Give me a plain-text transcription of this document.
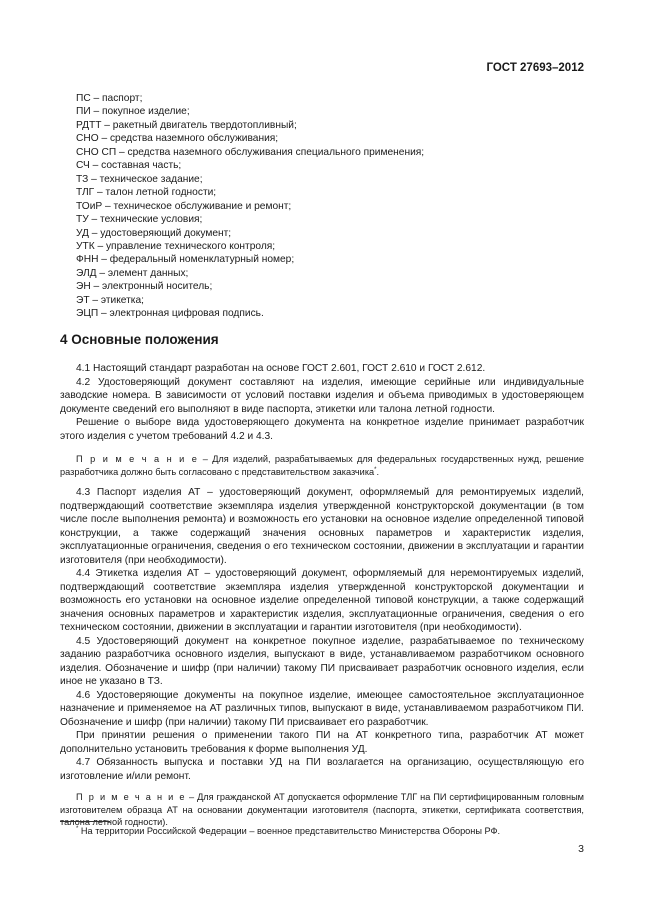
ГОСТ 27693–2012
ПС – паспорт;
ПИ – покупное изделие;
РДТТ – ракетный двигатель твердотопливный;
СНО – средства наземного обслуживания;
СНО СП – средства наземного обслуживания специального применения;
СЧ – составная часть;
ТЗ – техническое задание;
ТЛГ – талон летной годности;
ТОиР – техническое обслуживание и ремонт;
ТУ – технические условия;
УД – удостоверяющий документ;
УТК – управление технического контроля;
ФНН – федеральный номенклатурный номер;
ЭЛД – элемент данных;
ЭН – электронный носитель;
ЭТ – этикетка;
ЭЦП – электронная цифровая подпись.
4 Основные положения

4.1 Настоящий стандарт разработан на основе ГОСТ 2.601, ГОСТ 2.610 и ГОСТ 2.612.

4.2 Удостоверяющий документ составляют на изделия, имеющие серийные или индивидуальные заводские номера. В зависимости от условий поставки изделия и объема приводимых в удостоверяющем документе сведений его выполняют в виде паспорта, этикетки или талона летной годности.

Решение о выборе вида удостоверяющего документа на конкретное изделие принимает разработчик этого изделия с учетом требований 4.2 и 4.3.

П р и м е ч а н и е – Для изделий, разрабатываемых для федеральных государственных нужд, решение разработчика должно быть согласовано с представительством заказчика*.

4.3 Паспорт изделия АТ – удостоверяющий документ, оформляемый для ремонтируемых изделий, подтверждающий соответствие экземпляра изделия утвержденной конструкторской документации (в том числе после выполнения ремонта) и возможность его установки на основное изделие определенной типовой конструкции, а также содержащий значения основных параметров и характеристик изделия, эксплуатационные ограничения, сведения о его техническом состоянии, движении в эксплуатации и гарантии изготовителя (при необходимости).

4.4 Этикетка изделия АТ – удостоверяющий документ, оформляемый для неремонтируемых изделий, подтверждающий соответствие экземпляра изделия утвержденной конструкторской документации и возможность его установки на основное изделие определенной типовой конструкции, а также содержащий значения основных параметров и характеристик изделия, эксплуатационные ограничения, сведения о его техническом состоянии, движении в эксплуатации и гарантии изготовителя (при необходимости).

4.5 Удостоверяющий документ на конкретное покупное изделие, разрабатываемое по техническому заданию разработчика основного изделия, выпускают в виде, устанавливаемом разработчиком основного изделия. Обозначение и шифр (при наличии) такому ПИ присваивает разработчик основного изделия, если иное не указано в ТЗ.

4.6 Удостоверяющие документы на покупное изделие, имеющее самостоятельное эксплуатационное назначение и применяемое на АТ различных типов, выпускают в виде, устанавливаемом разработчиком ПИ. Обозначение и шифр (при наличии) такому ПИ присваивает его разработчик.

При принятии решения о применении такого ПИ на АТ конкретного типа, разработчик АТ может дополнительно установить требования к форме выполнения УД.

4.7 Обязанность выпуска и поставки УД на ПИ возлагается на организацию, осуществляющую его изготовление и/или ремонт.

П р и м е ч а н и е – Для гражданской АТ допускается оформление ТЛГ на ПИ сертифицированным головным изготовителем образца АТ на основании документации изготовителя (паспорта, этикетки, сертификата соответствия, талона летной годности).

* На территории Российской Федерации – военное представительство Министерства Обороны РФ.
3
